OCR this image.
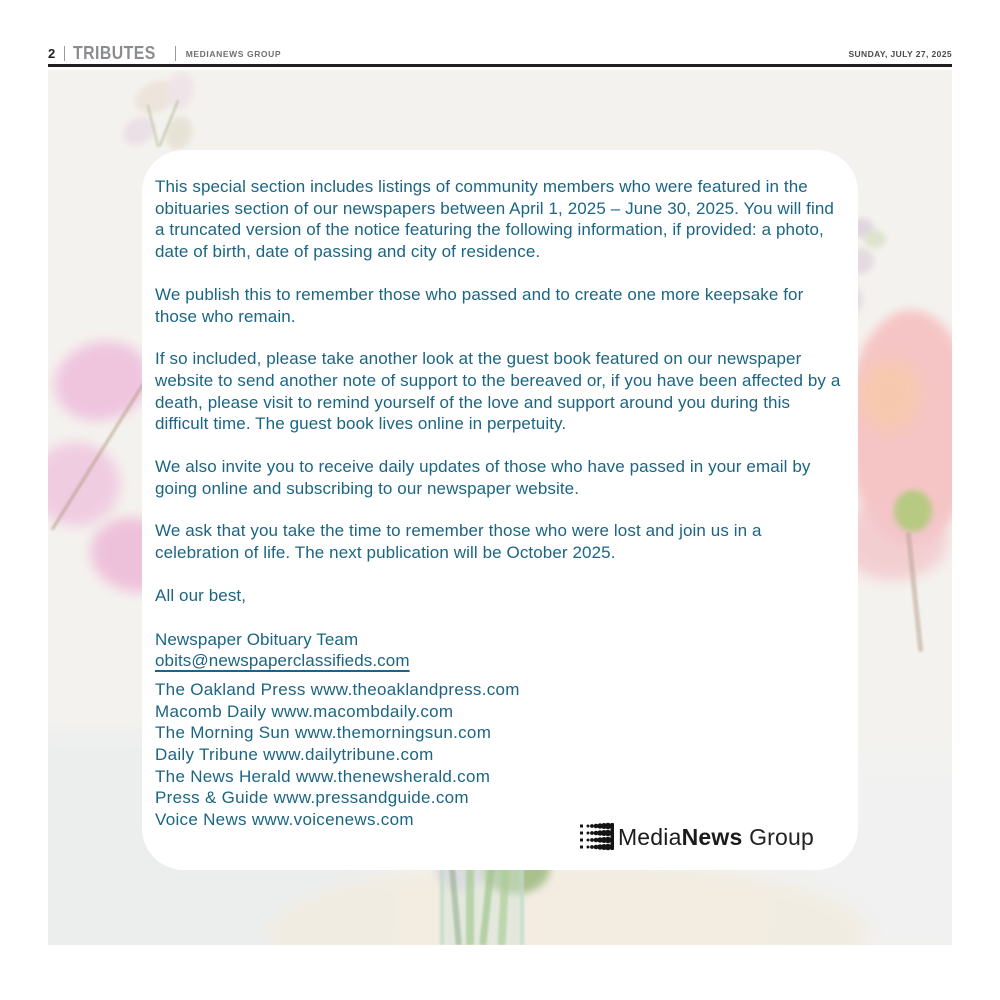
2 TRIBUTES	MEDIANEWS GROUP	SUNDAY, JULY 27, 2025
This special section includes listings of community members who were featured in the obituaries section of our newspapers between April 1, 2025 – June 30, 2025. You will find a truncated version of the notice featuring the following information, if provided: a photo, date of birth, date of passing and city of residence.
We publish this to remember those who passed and to create one more keepsake for those who remain.
If so included, please take another look at the guest book featured on our newspaper website to send another note of support to the bereaved or, if you have been affected by a death, please visit to remind yourself of the love and support around you during this difficult time. The guest book lives online in perpetuity.
We also invite you to receive daily updates of those who have passed in your email by going online and subscribing to our newspaper website.
We ask that you take the time to remember those who were lost and join us in a celebration of life. The next publication will be October 2025.
All our best,
Newspaper Obituary Team
obits@newspaperclassifieds.com
The Oakland Press www.theoaklandpress.com
Macomb Daily www.macombdaily.com
The Morning Sun www.themorningsun.com
Daily Tribune www.dailytribune.com
The News Herald www.thenewsherald.com
Press & Guide www.pressandguide.com
Voice News www.voicenews.com
MediaNews Group
